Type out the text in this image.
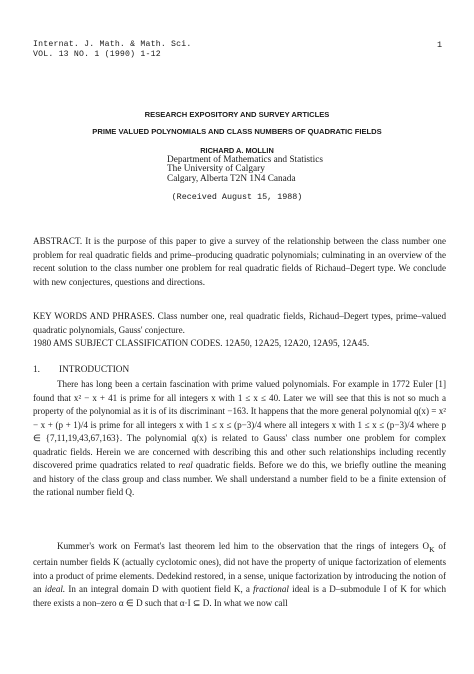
Internat. J. Math. & Math. Sci.
VOL. 13 NO. 1 (1990) 1-12
1
RESEARCH EXPOSITORY AND SURVEY ARTICLES
PRIME VALUED POLYNOMIALS AND CLASS NUMBERS OF QUADRATIC FIELDS
RICHARD A. MOLLIN
Department of Mathematics and Statistics
The University of Calgary
Calgary, Alberta T2N 1N4 Canada
(Received August 15, 1988)
ABSTRACT. It is the purpose of this paper to give a survey of the relationship between the class number one problem for real quadratic fields and prime–producing quadratic polynomials; culminating in an overview of the recent solution to the class number one problem for real quadratic fields of Richaud–Degert type. We conclude with new conjectures, questions and directions.
KEY WORDS AND PHRASES. Class number one, real quadratic fields, Richaud–Degert types, prime–valued quadratic polynomials, Gauss' conjecture.
1980 AMS SUBJECT CLASSIFICATION CODES. 12A50, 12A25, 12A20, 12A95, 12A45.
1. INTRODUCTION
There has long been a certain fascination with prime valued polynomials. For example in 1772 Euler [1] found that x² − x + 41 is prime for all integers x with 1 ≤ x ≤ 40. Later we will see that this is not so much a property of the polynomial as it is of its discriminant −163. It happens that the more general polynomial q(x) = x² − x + (p + 1)/4 is prime for all integers x with 1 ≤ x ≤ (p−3)/4 where all integers x with 1 ≤ x ≤ (p−3)/4 where p ∈ {7,11,19,43,67,163}. The polynomial q(x) is related to Gauss' class number one problem for complex quadratic fields. Herein we are concerned with describing this and other such relationships including recently discovered prime quadratics related to real quadratic fields. Before we do this, we briefly outline the meaning and history of the class group and class number. We shall understand a number field to be a finite extension of the rational number field Q.
Kummer's work on Fermat's last theorem led him to the observation that the rings of integers $O_K$ of certain number fields K (actually cyclotomic ones), did not have the property of unique factorization of elements into a product of prime elements. Dedekind restored, in a sense, unique factorization by introducing the notion of an ideal. In an integral domain D with quotient field K, a fractional ideal is a D–submodule I of K for which there exists a non–zero α ∈ D such that α·I ⊆ D. In what we now call
